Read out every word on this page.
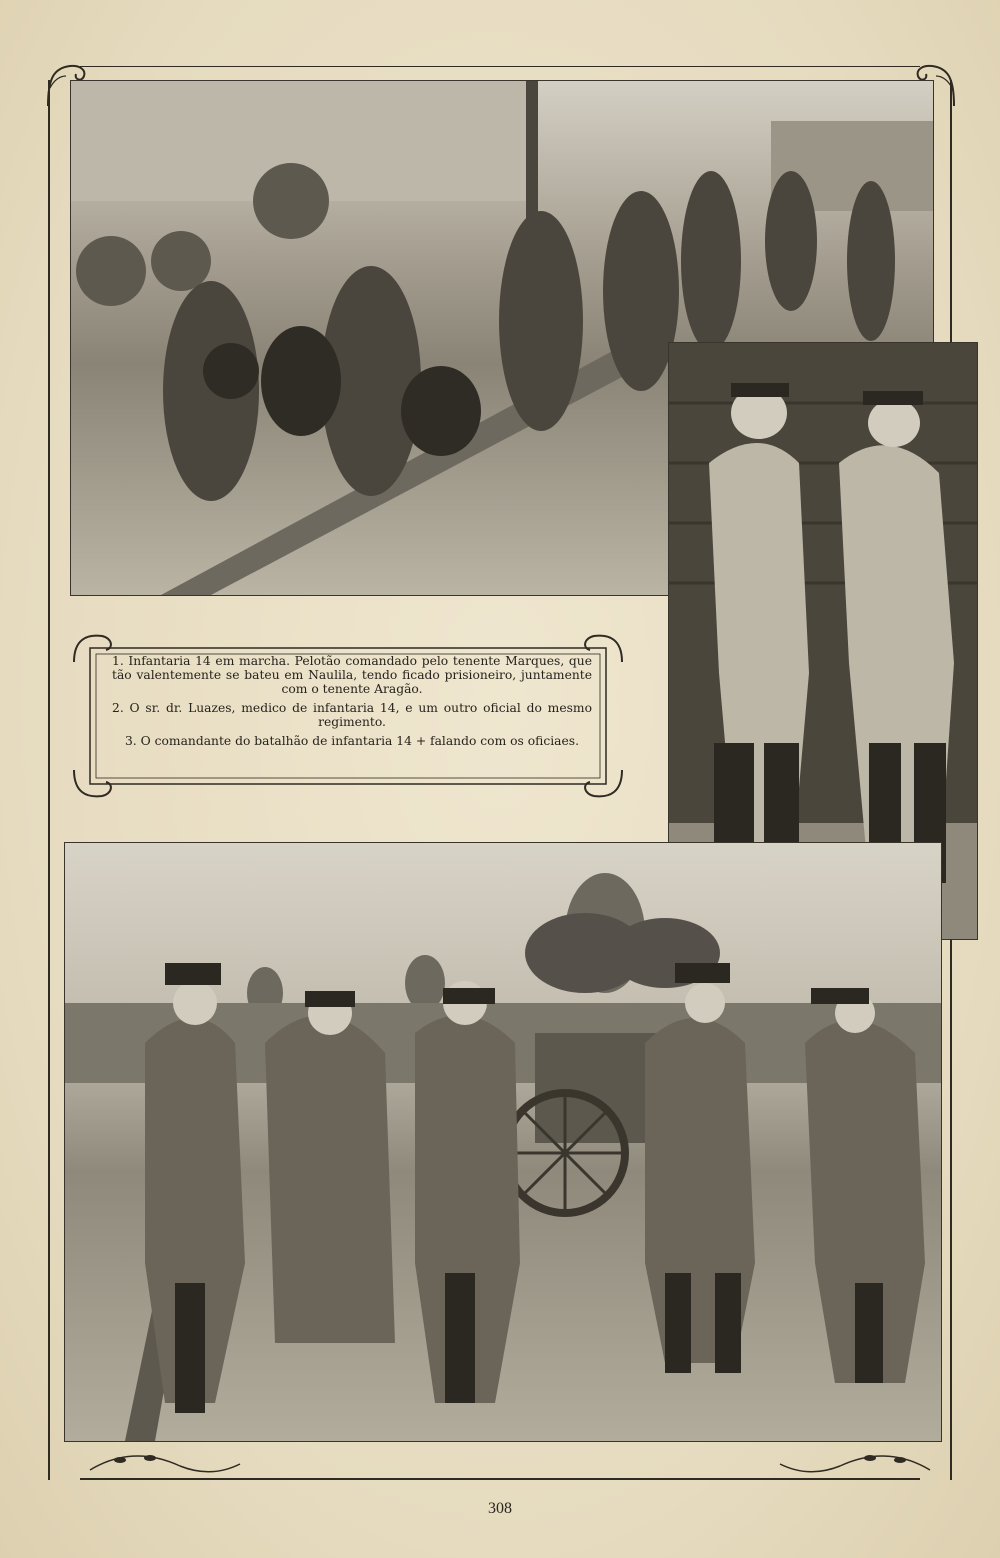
1. Infantaria 14 em marcha. Pelotão comandado pelo tenente Marques, que tão valentemente se bateu em Naulila, tendo ficado prisioneiro, juntamente com o tenente Aragão.
2. O sr. dr. Luazes, medico de infantaria 14, e um outro oficial do mesmo regimento.
3. O comandante do batalhão de infantaria 14 + falando com os oficiaes.
308
